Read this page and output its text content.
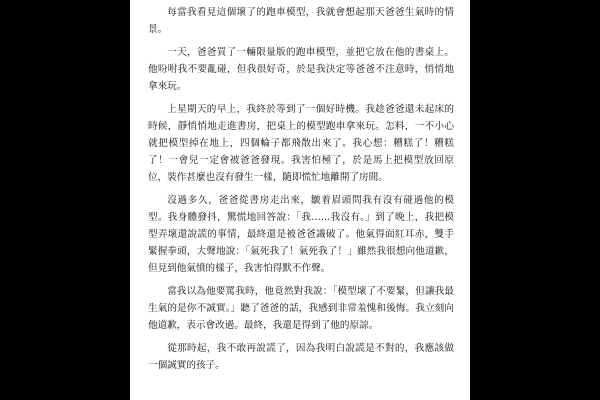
每當我看見這個壞了的跑車模型，我就會想起那天爸爸生氣時的情景。

一天，爸爸買了一輛限量版的跑車模型，並把它放在他的書桌上。他吩咐我不要亂碰，但我很好奇，於是我決定等爸爸不注意時，悄悄地拿來玩。

上星期天的早上，我終於等到了一個好時機。我趁爸爸還未起床的時候，靜悄悄地走進書房，把桌上的模型跑車拿來玩。怎料，一不小心就把模型掉在地上，四個輪子都飛散出來了。我心想：糟糕了！糟糕了！一會兒一定會被爸爸發現。我害怕極了，於是馬上把模型放回原位，裝作甚麼也沒有發生一樣，隨即慌忙地離開了房間。

沒過多久，爸爸從書房走出來，皺着眉頭問我有沒有碰過他的模型。我身體發抖，驚慌地回答說：「我……我沒有。」到了晚上，我把模型弄壞還說謊的事情，最終還是被爸爸識破了。他氣得面紅耳赤，雙手緊握拳頭，大聲地說：「氣死我了！氣死我了！」雖然我很想向他道歉，但見到他氣憤的樣子，我害怕得默不作聲。

當我以為他要罵我時，他竟然對我說：「模型壞了不要緊，但讓我最生氣的是你不誠實。」聽了爸爸的話，我感到非常羞愧和後悔。我立刻向他道歉，表示會改過。最終，我還是得到了他的原諒。

從那時起，我不敢再說謊了，因為我明白說謊是不對的，我應該做一個誠實的孩子。
